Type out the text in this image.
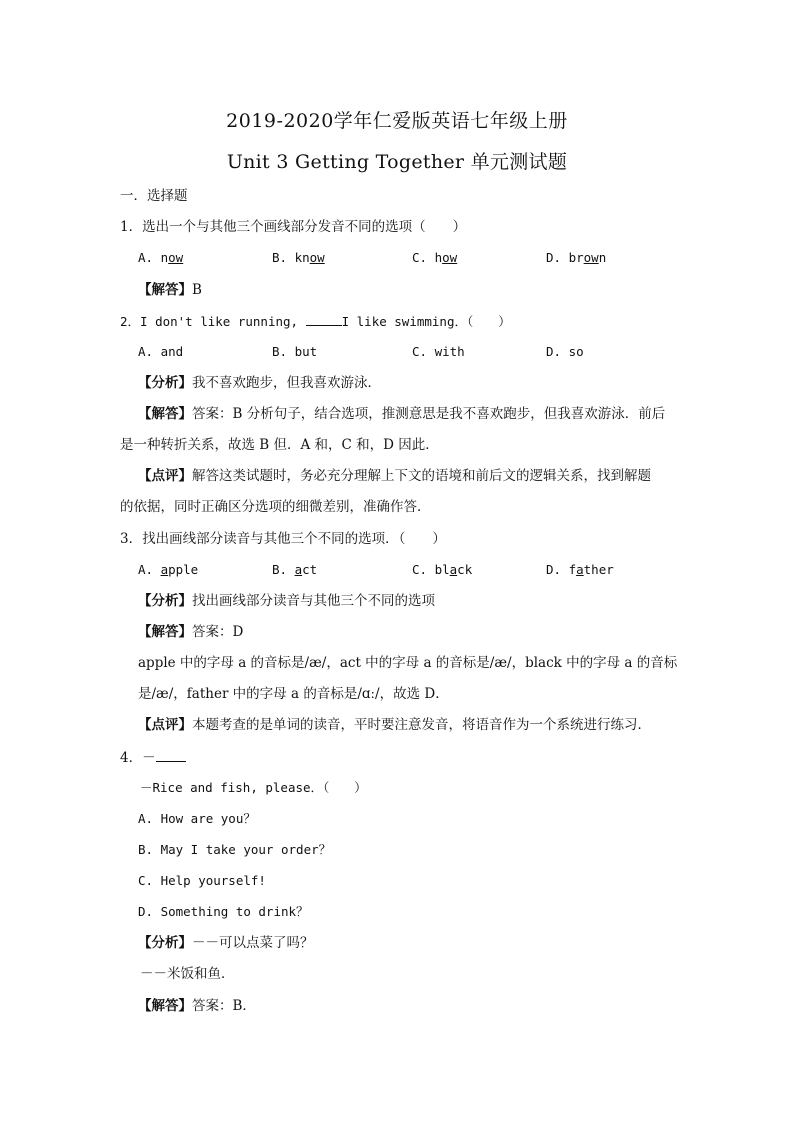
2019-2020学年仁爱版英语七年级上册
Unit 3 Getting Together 单元测试题
一．选择题
1．选出一个与其他三个画线部分发音不同的选项（　　）
A. now	B. know	C. how	D. brown
【解答】B
2．I don't like running,	I like swimming．（　　）
A. and	B. but	C. with	D. so
【分析】我不喜欢跑步，但我喜欢游泳．
【解答】答案：B 分析句子，结合选项，推测意思是我不喜欢跑步，但我喜欢游泳．前后
是一种转折关系，故选 B 但．A 和，C 和，D 因此．
【点评】解答这类试题时，务必充分理解上下文的语境和前后文的逻辑关系，找到解题
的依据，同时正确区分选项的细微差别，准确作答．
3．找出画线部分读音与其他三个不同的选项．（　　）
A. apple	B. act	C. black	D. father
【分析】找出画线部分读音与其他三个不同的选项
【解答】答案：D
apple 中的字母 a 的音标是/æ/，act 中的字母 a 的音标是/æ/，black 中的字母 a 的音标
是/æ/，father 中的字母 a 的音标是/ɑː/，故选 D．
【点评】本题考查的是单词的读音，平时要注意发音，将语音作为一个系统进行练习．
4．－
－Rice and fish, please．（　　）
A. How are you？
B. May I take your order？
C. Help yourself!
D. Something to drink？
【分析】－－可以点菜了吗？
－－米饭和鱼．
【解答】答案：B．
